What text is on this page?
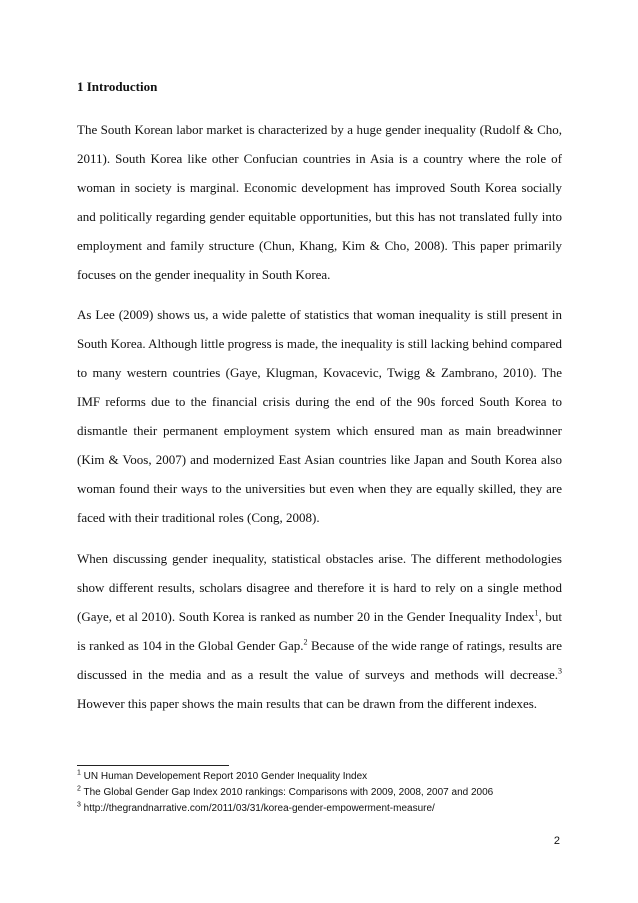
1 Introduction

The South Korean labor market is characterized by a huge gender inequality (Rudolf & Cho, 2011). South Korea like other Confucian countries in Asia is a country where the role of woman in society is marginal. Economic development has improved South Korea socially and politically regarding gender equitable opportunities, but this has not translated fully into employment and family structure (Chun, Khang, Kim & Cho, 2008). This paper primarily focuses on the gender inequality in South Korea.

As Lee (2009) shows us, a wide palette of statistics that woman inequality is still present in South Korea. Although little progress is made, the inequality is still lacking behind compared to many western countries (Gaye, Klugman, Kovacevic, Twigg & Zambrano, 2010). The IMF reforms due to the financial crisis during the end of the 90s forced South Korea to dismantle their permanent employment system which ensured man as main breadwinner (Kim & Voos, 2007) and modernized East Asian countries like Japan and South Korea also woman found their ways to the universities but even when they are equally skilled, they are faced with their traditional roles (Cong, 2008).

When discussing gender inequality, statistical obstacles arise. The different methodologies show different results, scholars disagree and therefore it is hard to rely on a single method (Gaye, et al 2010). South Korea is ranked as number 20 in the Gender Inequality Index$^1$, but is ranked as 104 in the Global Gender Gap.$^2$ Because of the wide range of ratings, results are discussed in the media and as a result the value of surveys and methods will decrease.$^3$ However this paper shows the main results that can be drawn from the different indexes.

$^1$ UN Human Developement Report 2010 Gender Inequality Index
$^2$ The Global Gender Gap Index 2010 rankings: Comparisons with 2009, 2008, 2007 and 2006
$^3$ http://thegrandnarrative.com/2011/03/31/korea-gender-empowerment-measure/
2
